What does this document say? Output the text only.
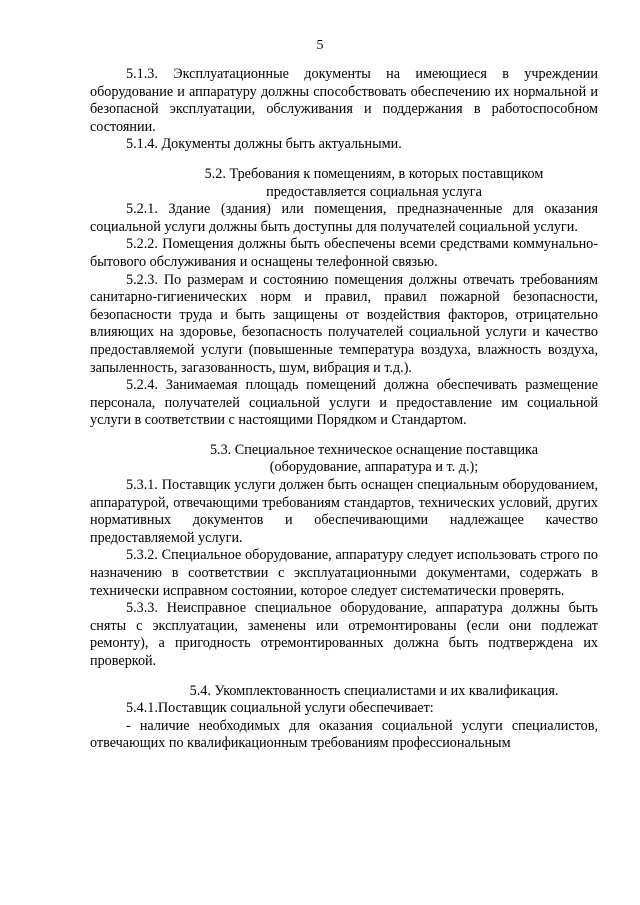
5

5.1.3. Эксплуатационные документы на имеющиеся в учреждении оборудование и аппаратуру должны способствовать обеспечению их нормальной и безопасной эксплуатации, обслуживания и поддержания в работоспособном состоянии.

5.1.4. Документы должны быть актуальными.

5.2. Требования к помещениям, в которых поставщиком

предоставляется социальная услуга

5.2.1. Здание (здания) или помещения, предназначенные для оказания социальной услуги должны быть доступны для получателей социальной услуги.

5.2.2. Помещения должны быть обеспечены всеми средствами коммунально-бытового обслуживания и оснащены телефонной связью.

5.2.3. По размерам и состоянию помещения должны отвечать требованиям санитарно-гигиенических норм и правил, правил пожарной безопасности, безопасности труда и быть защищены от воздействия факторов, отрицательно влияющих на здоровье, безопасность получателей социальной услуги и качество предоставляемой услуги (повышенные температура воздуха, влажность воздуха, запыленность, загазованность, шум, вибрация и т.д.).

5.2.4. Занимаемая площадь помещений должна обеспечивать размещение персонала, получателей социальной услуги и предоставление им социальной услуги в соответствии с настоящими Порядком и Стандартом.

5.3. Специальное техническое оснащение поставщика

(оборудование, аппаратура и т. д.);

5.3.1. Поставщик услуги должен быть оснащен специальным оборудованием, аппаратурой, отвечающими требованиям стандартов, технических условий, других нормативных документов и обеспечивающими надлежащее качество предоставляемой услуги.

5.3.2. Специальное оборудование, аппаратуру следует использовать строго по назначению в соответствии с эксплуатационными документами, содержать в технически исправном состоянии, которое следует систематически проверять.

5.3.3. Неисправное специальное оборудование, аппаратура должны быть сняты с эксплуатации, заменены или отремонтированы (если они подлежат ремонту), а пригодность отремонтированных должна быть подтверждена их проверкой.

5.4. Укомплектованность специалистами и их квалификация.

5.4.1.Поставщик социальной услуги обеспечивает:

- наличие необходимых для оказания социальной услуги специалистов, отвечающих по квалификационным требованиям профессиональным
